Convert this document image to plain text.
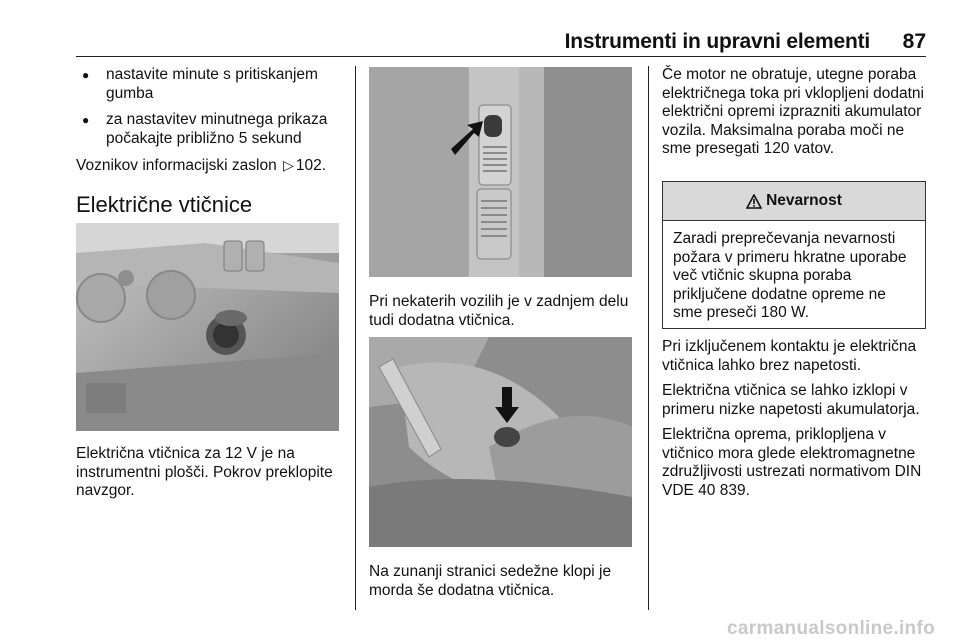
Instrumenti in upravni elementi	87
● nastavite minute s pritiskanjem gumba
● za nastavitev minutnega prikaza počakajte približno 5 sekund

Voznikov informacijski zaslon ▷ 102.

Električne vtičnice

Električna vtičnica za 12 V je na instrumentni plošči. Pokrov preklopite navzgor.

Pri nekaterih vozilih je v zadnjem delu tudi dodatna vtičnica.

Na zunanji stranici sedežne klopi je morda še dodatna vtičnica.

Če motor ne obratuje, utegne poraba električnega toka pri vklopljeni dodatni električni opremi izprazniti akumulator vozila. Maksimalna poraba moči ne sme presegati 120 vatov.

Nevarnost
Zaradi preprečevanja nevarnosti požara v primeru hkratne uporabe več vtičnic skupna poraba priključene dodatne opreme ne sme preseči 180 W.

Pri izključenem kontaktu je električna vtičnica lahko brez napetosti.

Električna vtičnica se lahko izklopi v primeru nizke napetosti akumulatorja.

Električna oprema, priklopljena v vtičnico mora glede elektromagnetne združljivosti ustrezati normativom DIN VDE 40 839.

carmanualsonline.info
